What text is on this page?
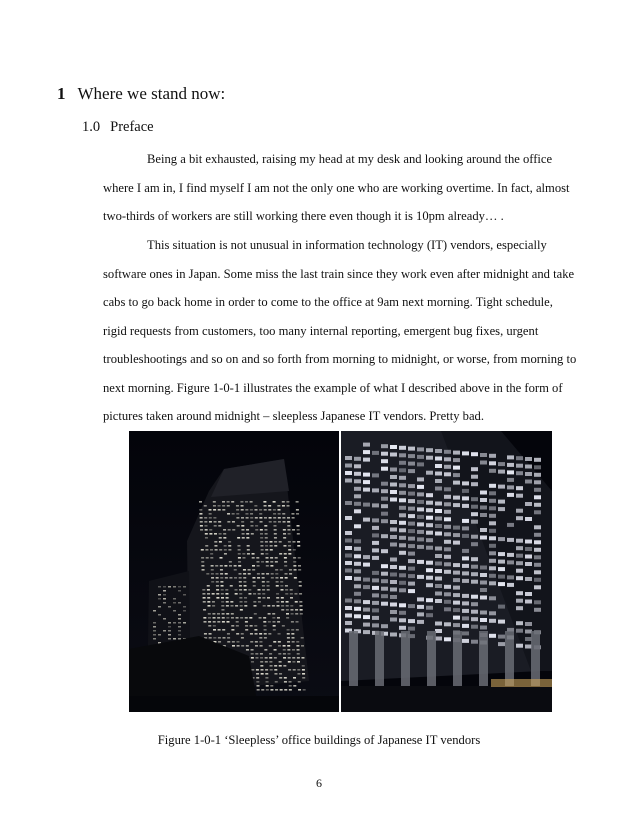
1 Where we stand now:
1.0 Preface
Being a bit exhausted, raising my head at my desk and looking around the office
where I am in, I find myself I am not the only one who are working overtime. In fact, almost
two-thirds of workers are still working there even though it is 10pm already… .
This situation is not unusual in information technology (IT) vendors, especially
software ones in Japan. Some miss the last train since they work even after midnight and take
cabs to go back home in order to come to the office at 9am next morning. Tight schedule,
rigid requests from customers, too many internal reporting, emergent bug fixes, urgent
troubleshootings and so on and so forth from morning to midnight, or worse, from morning to
next morning. Figure 1-0-1 illustrates the example of what I described above in the form of
pictures taken around midnight – sleepless Japanese IT vendors. Pretty bad.
Figure 1-0-1 ‘Sleepless’ office buildings of Japanese IT vendors
6
